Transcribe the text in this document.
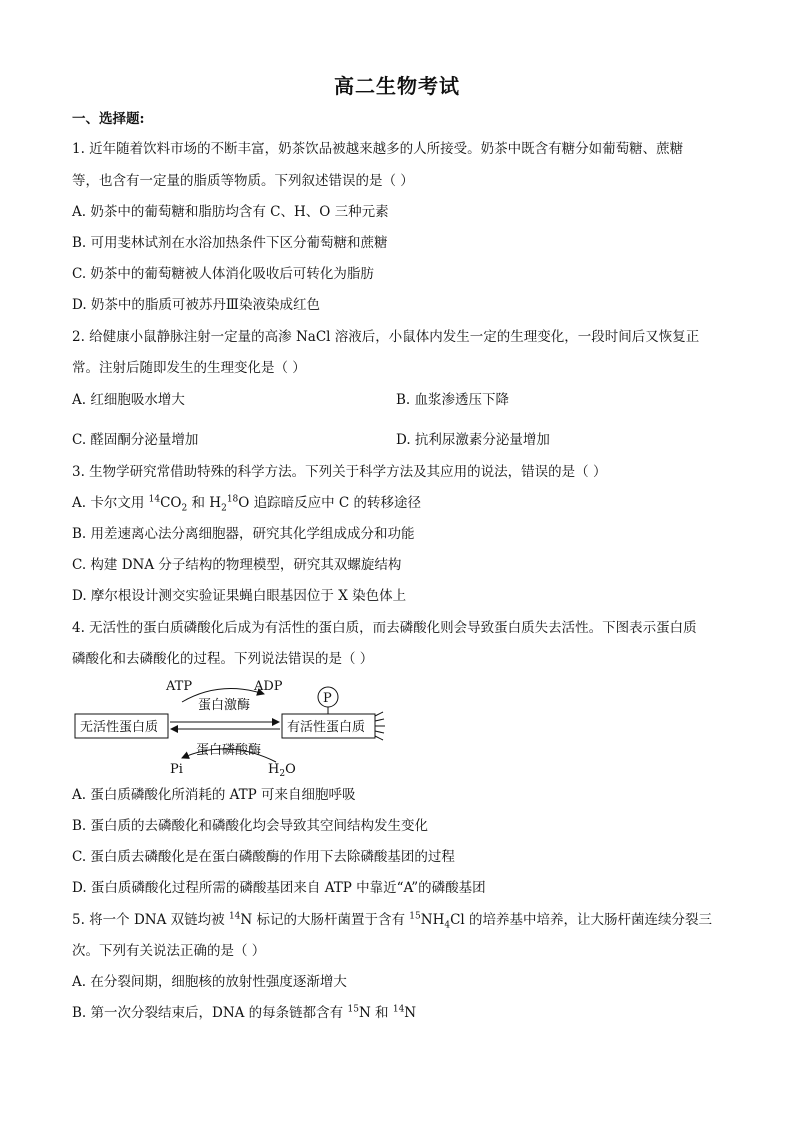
高二生物考试
一、选择题:
1. 近年随着饮料市场的不断丰富，奶茶饮品被越来越多的人所接受。奶茶中既含有糖分如葡萄糖、蔗糖
等，也含有一定量的脂质等物质。下列叙述错误的是（ ）
A. 奶茶中的葡萄糖和脂肪均含有 C、H、O 三种元素
B. 可用斐林试剂在水浴加热条件下区分葡萄糖和蔗糖
C. 奶茶中的葡萄糖被人体消化吸收后可转化为脂肪
D. 奶茶中的脂质可被苏丹Ⅲ染液染成红色
2. 给健康小鼠静脉注射一定量的高渗 NaCl 溶液后，小鼠体内发生一定的生理变化，一段时间后又恢复正
常。注射后随即发生的生理变化是（ ）
A. 红细胞吸水增大	B. 血浆渗透压下降
C. 醛固酮分泌量增加	D. 抗利尿激素分泌量增加
3. 生物学研究常借助特殊的科学方法。下列关于科学方法及其应用的说法，错误的是（ ）
A. 卡尔文用 $^{14}CO_2$ 和 $H_2^{18}O$ 追踪暗反应中 C 的转移途径
B. 用差速离心法分离细胞器，研究其化学组成成分和功能
C. 构建 DNA 分子结构的物理模型，研究其双螺旋结构
D. 摩尔根设计测交实验证果蝇白眼基因位于 X 染色体上
4. 无活性的蛋白质磷酸化后成为有活性的蛋白质，而去磷酸化则会导致蛋白质失去活性。下图表示蛋白质
磷酸化和去磷酸化的过程。下列说法错误的是（ ）
ATP	ADP
蛋白激酶	P
无活性蛋白质	有活性蛋白质
蛋白磷酸酶
Pi	$H_2O$
A. 蛋白质磷酸化所消耗的 ATP 可来自细胞呼吸
B. 蛋白质的去磷酸化和磷酸化均会导致其空间结构发生变化
C. 蛋白质去磷酸化是在蛋白磷酸酶的作用下去除磷酸基团的过程
D. 蛋白质磷酸化过程所需的磷酸基团来自 ATP 中靠近“A”的磷酸基团
5. 将一个 DNA 双链均被 $^{14}$N 标记的大肠杆菌置于含有 $^{15}NH_4Cl$ 的培养基中培养，让大肠杆菌连续分裂三
次。下列有关说法正确的是（ ）
A. 在分裂间期，细胞核的放射性强度逐渐增大
B. 第一次分裂结束后，DNA 的每条链都含有 $^{15}$N 和 $^{14}$N
